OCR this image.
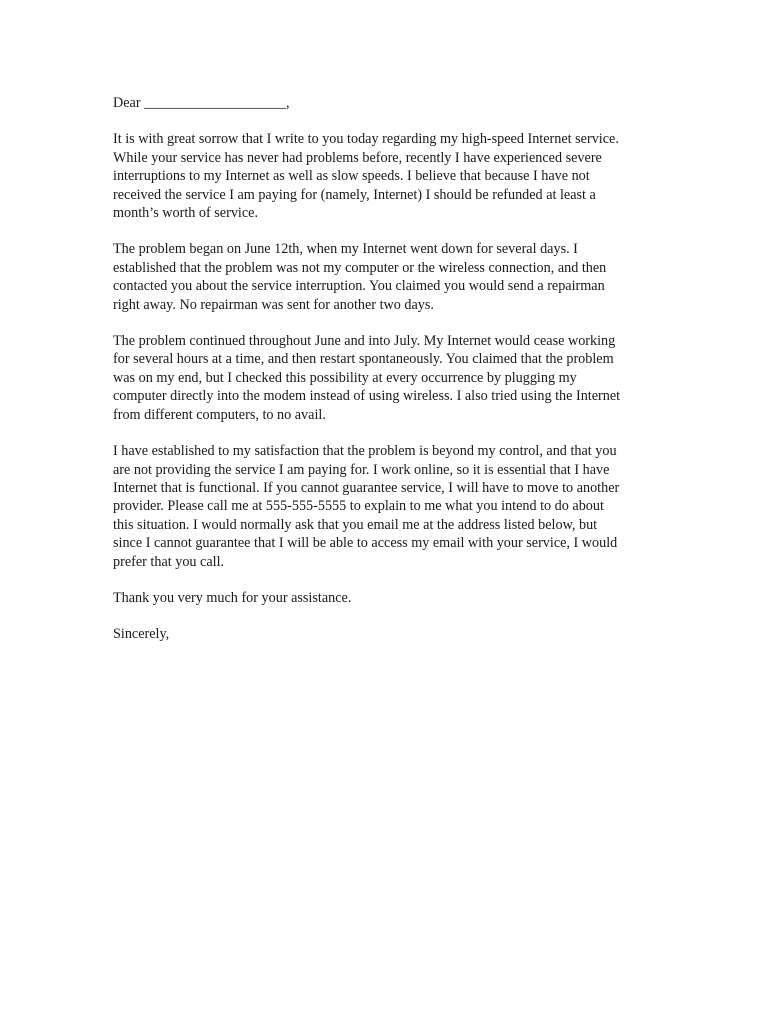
Dear ____________________,

It is with great sorrow that I write to you today regarding my high-speed Internet service.
While your service has never had problems before, recently I have experienced severe
interruptions to my Internet as well as slow speeds. I believe that because I have not
received the service I am paying for (namely, Internet) I should be refunded at least a
month’s worth of service.

The problem began on June 12th, when my Internet went down for several days. I
established that the problem was not my computer or the wireless connection, and then
contacted you about the service interruption. You claimed you would send a repairman
right away. No repairman was sent for another two days.

The problem continued throughout June and into July. My Internet would cease working
for several hours at a time, and then restart spontaneously. You claimed that the problem
was on my end, but I checked this possibility at every occurrence by plugging my
computer directly into the modem instead of using wireless. I also tried using the Internet
from different computers, to no avail.

I have established to my satisfaction that the problem is beyond my control, and that you
are not providing the service I am paying for. I work online, so it is essential that I have
Internet that is functional. If you cannot guarantee service, I will have to move to another
provider. Please call me at 555-555-5555 to explain to me what you intend to do about
this situation. I would normally ask that you email me at the address listed below, but
since I cannot guarantee that I will be able to access my email with your service, I would
prefer that you call.

Thank you very much for your assistance.

Sincerely,
